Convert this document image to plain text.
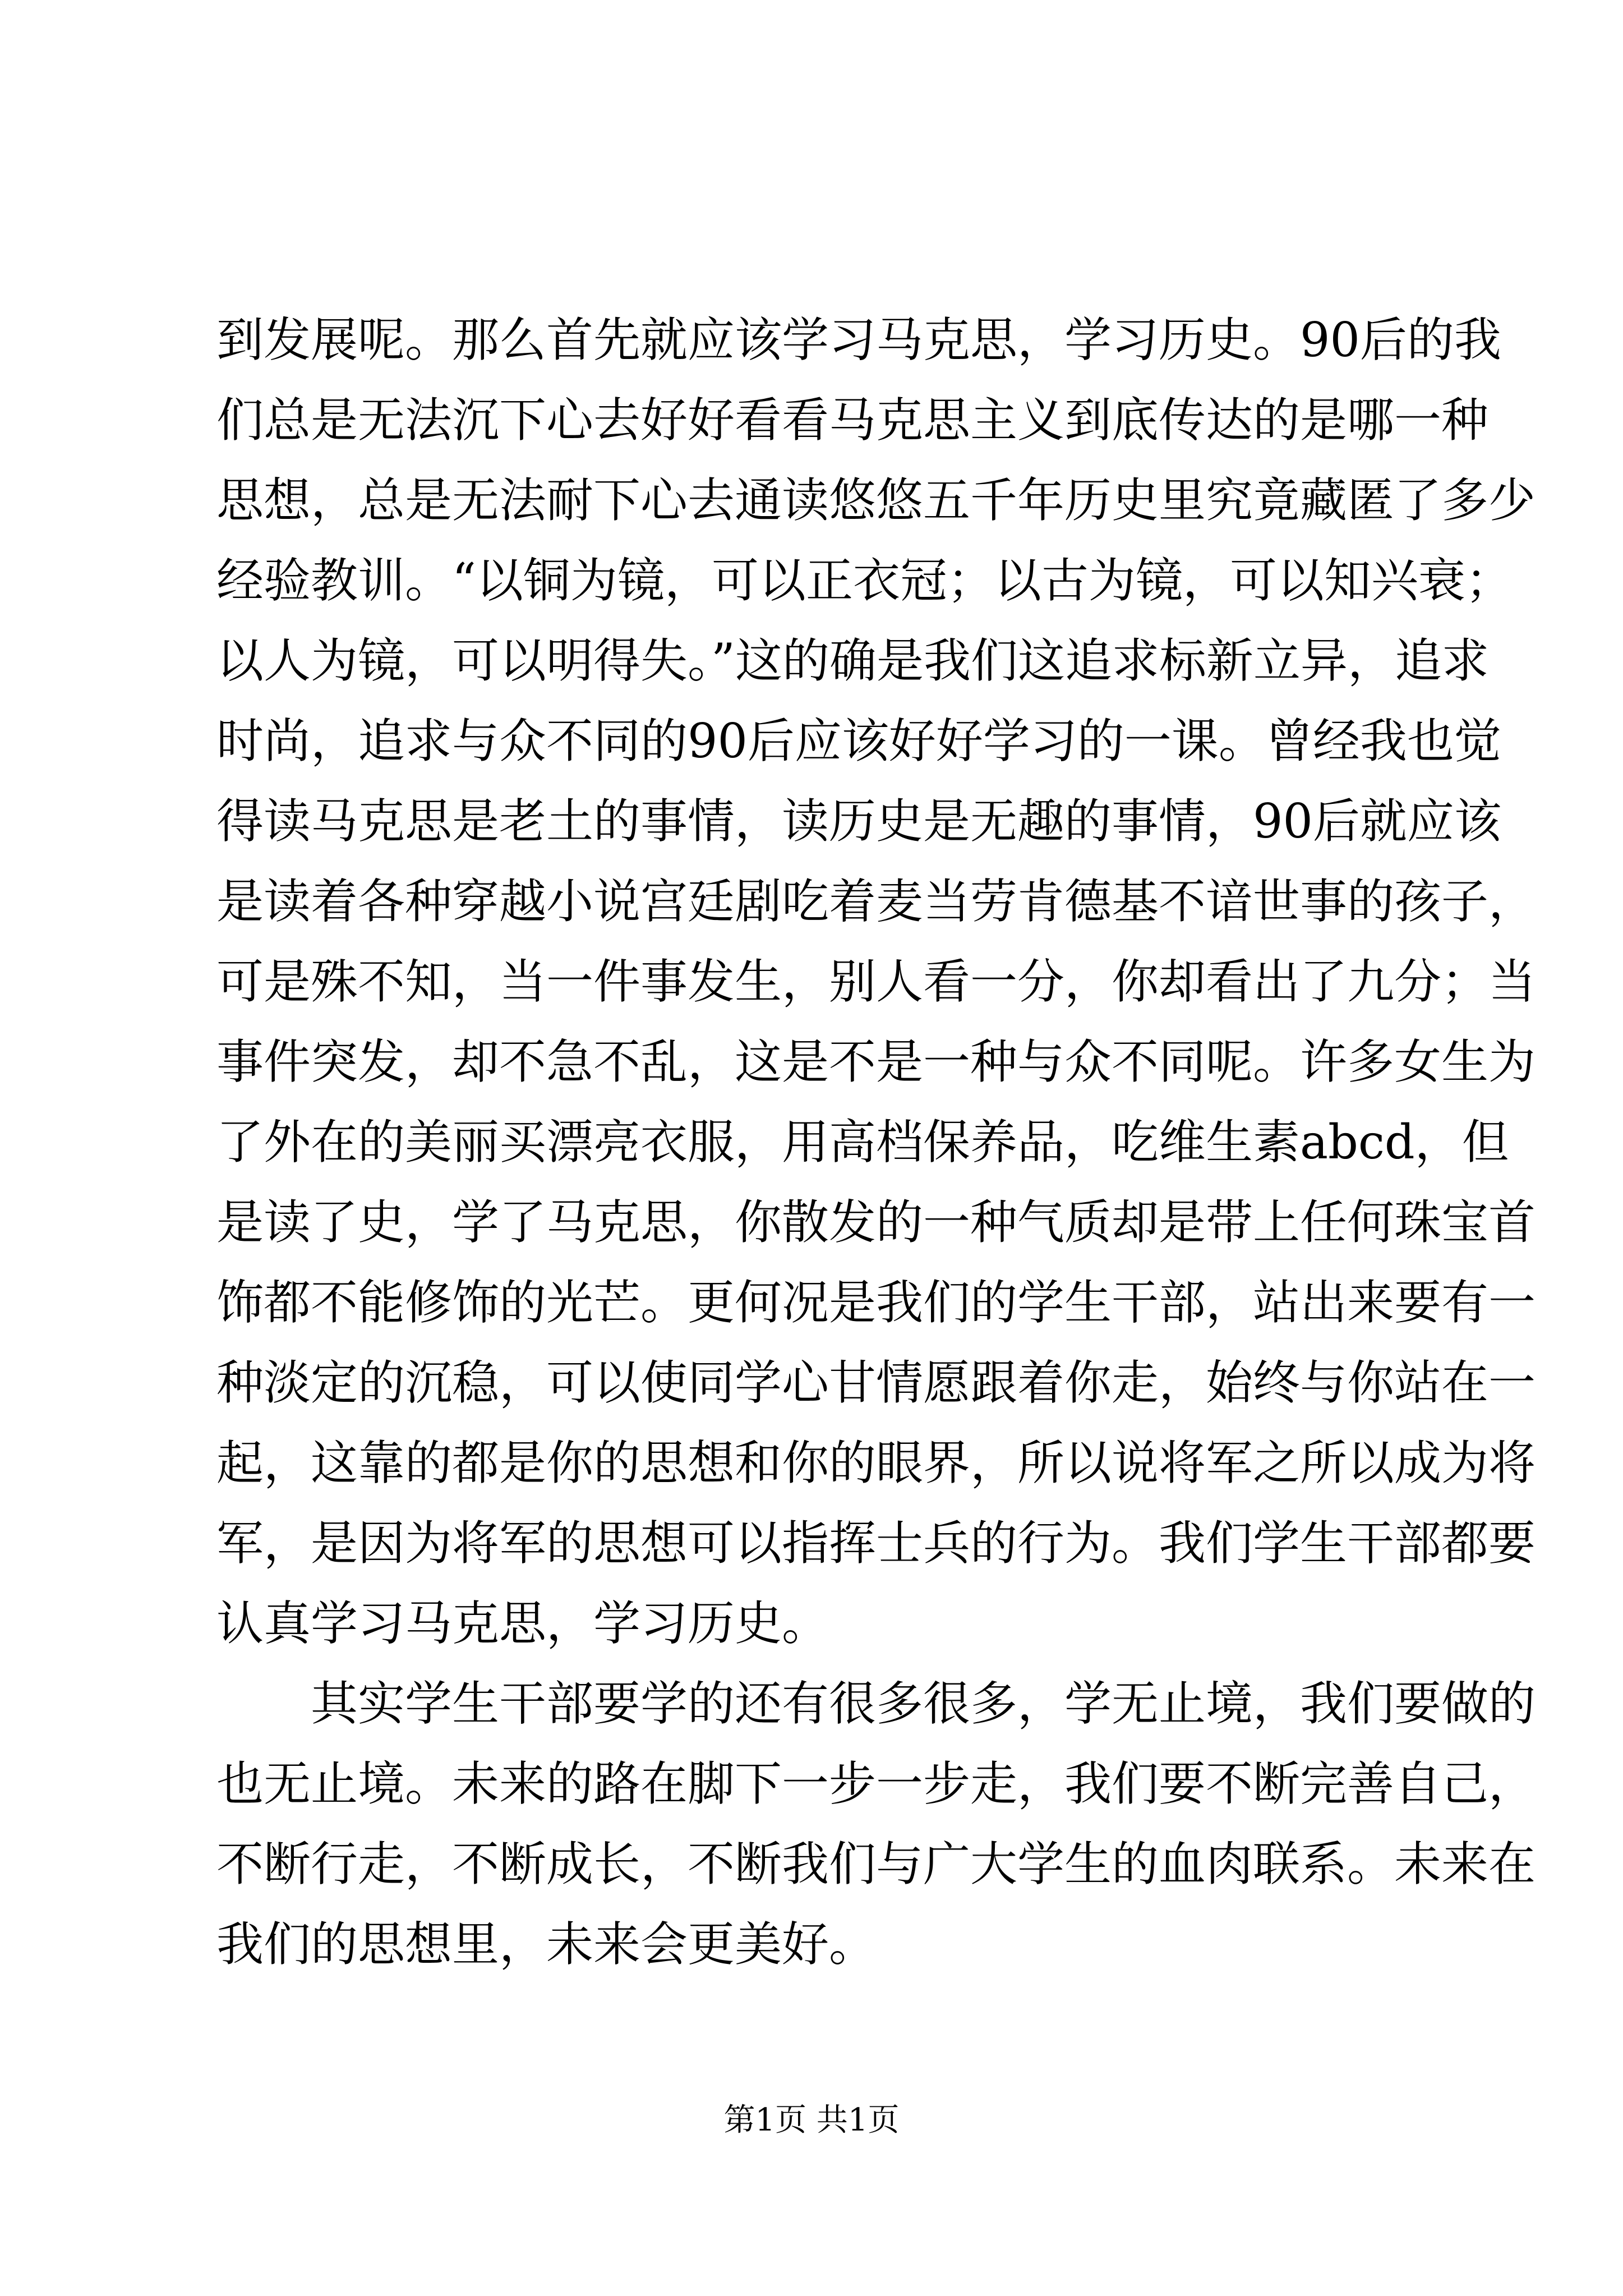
到发展呢。那么首先就应该学习马克思，学习历史。90后的我
们总是无法沉下心去好好看看马克思主义到底传达的是哪一种
思想，总是无法耐下心去通读悠悠五千年历史里究竟藏匿了多少
经验教训。“以铜为镜，可以正衣冠；以古为镜，可以知兴衰；
以人为镜，可以明得失。”这的确是我们这追求标新立异，追求
时尚，追求与众不同的90后应该好好学习的一课。曾经我也觉
得读马克思是老土的事情，读历史是无趣的事情，90后就应该
是读着各种穿越小说宫廷剧吃着麦当劳肯德基不谙世事的孩子，
可是殊不知，当一件事发生，别人看一分，你却看出了九分；当
事件突发，却不急不乱，这是不是一种与众不同呢。许多女生为
了外在的美丽买漂亮衣服，用高档保养品，吃维生素abcd，但
是读了史，学了马克思，你散发的一种气质却是带上任何珠宝首
饰都不能修饰的光芒。更何况是我们的学生干部，站出来要有一
种淡定的沉稳，可以使同学心甘情愿跟着你走，始终与你站在一
起，这靠的都是你的思想和你的眼界，所以说将军之所以成为将
军，是因为将军的思想可以指挥士兵的行为。我们学生干部都要
认真学习马克思，学习历史。
　　其实学生干部要学的还有很多很多，学无止境，我们要做的
也无止境。未来的路在脚下一步一步走，我们要不断完善自己，
不断行走，不断成长，不断我们与广大学生的血肉联系。未来在
我们的思想里，未来会更美好。
第1页 共1页
